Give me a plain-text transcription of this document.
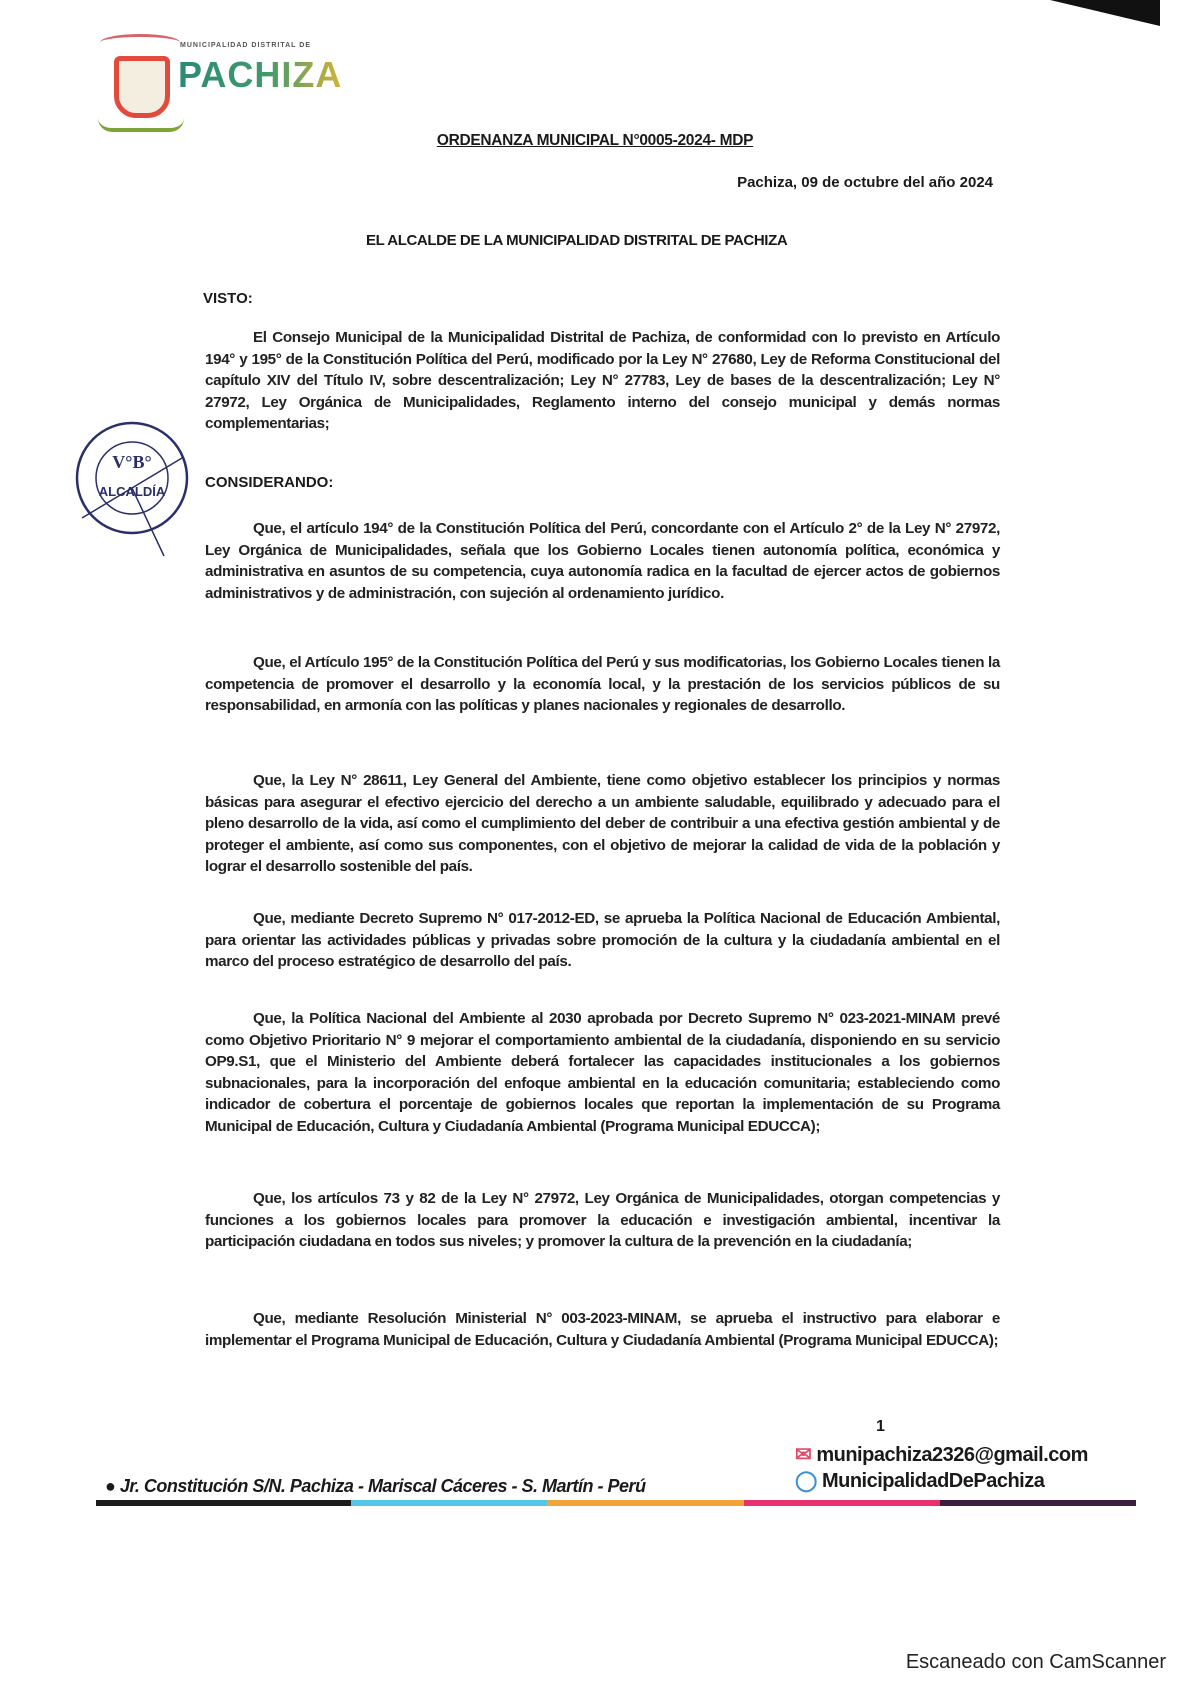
MUNICIPALIDAD DISTRITAL DE
PACHIZA
ORDENANZA MUNICIPAL N°0005-2024- MDP
Pachiza, 09 de octubre del año 2024
EL ALCALDE DE LA MUNICIPALIDAD DISTRITAL DE PACHIZA
VISTO:
El Consejo Municipal de la Municipalidad Distrital de Pachiza, de conformidad con lo previsto en Artículo 194° y 195° de la Constitución Política del Perú, modificado por la Ley N° 27680, Ley de Reforma Constitucional del capítulo XIV del Título IV, sobre descentralización; Ley N° 27783, Ley de bases de la descentralización; Ley N° 27972, Ley Orgánica de Municipalidades, Reglamento interno del consejo municipal y demás normas complementarias;
V°B°
ALCALDÍA
CONSIDERANDO:
Que, el artículo 194° de la Constitución Política del Perú, concordante con el Artículo 2° de la Ley N° 27972, Ley Orgánica de Municipalidades, señala que los Gobierno Locales tienen autonomía política, económica y administrativa en asuntos de su competencia, cuya autonomía radica en la facultad de ejercer actos de gobiernos administrativos y de administración, con sujeción al ordenamiento jurídico.
Que, el Artículo 195° de la Constitución Política del Perú y sus modificatorias, los Gobierno Locales tienen la competencia de promover el desarrollo y la economía local, y la prestación de los servicios públicos de su responsabilidad, en armonía con las políticas y planes nacionales y regionales de desarrollo.
Que, la Ley N° 28611, Ley General del Ambiente, tiene como objetivo establecer los principios y normas básicas para asegurar el efectivo ejercicio del derecho a un ambiente saludable, equilibrado y adecuado para el pleno desarrollo de la vida, así como el cumplimiento del deber de contribuir a una efectiva gestión ambiental y de proteger el ambiente, así como sus componentes, con el objetivo de mejorar la calidad de vida de la población y lograr el desarrollo sostenible del país.
Que, mediante Decreto Supremo N° 017-2012-ED, se aprueba la Política Nacional de Educación Ambiental, para orientar las actividades públicas y privadas sobre promoción de la cultura y la ciudadanía ambiental en el marco del proceso estratégico de desarrollo del país.
Que, la Política Nacional del Ambiente al 2030 aprobada por Decreto Supremo N° 023-2021-MINAM prevé como Objetivo Prioritario N° 9 mejorar el comportamiento ambiental de la ciudadanía, disponiendo en su servicio OP9.S1, que el Ministerio del Ambiente deberá fortalecer las capacidades institucionales a los gobiernos subnacionales, para la incorporación del enfoque ambiental en la educación comunitaria; estableciendo como indicador de cobertura el porcentaje de gobiernos locales que reportan la implementación de su Programa Municipal de Educación, Cultura y Ciudadanía Ambiental (Programa Municipal EDUCCA);
Que, los artículos 73 y 82 de la Ley N° 27972, Ley Orgánica de Municipalidades, otorgan competencias y funciones a los gobiernos locales para promover la educación e investigación ambiental, incentivar la participación ciudadana en todos sus niveles; y promover la cultura de la prevención en la ciudadanía;
Que, mediante Resolución Ministerial N° 003-2023-MINAM, se aprueba el instructivo para elaborar e implementar el Programa Municipal de Educación, Cultura y Ciudadanía Ambiental (Programa Municipal EDUCCA);
1
● Jr. Constitución S/N. Pachiza - Mariscal Cáceres - S. Martín - Perú
✉ munipachiza2326@gmail.com
◯ MunicipalidadDePachiza
Escaneado con CamScanner
